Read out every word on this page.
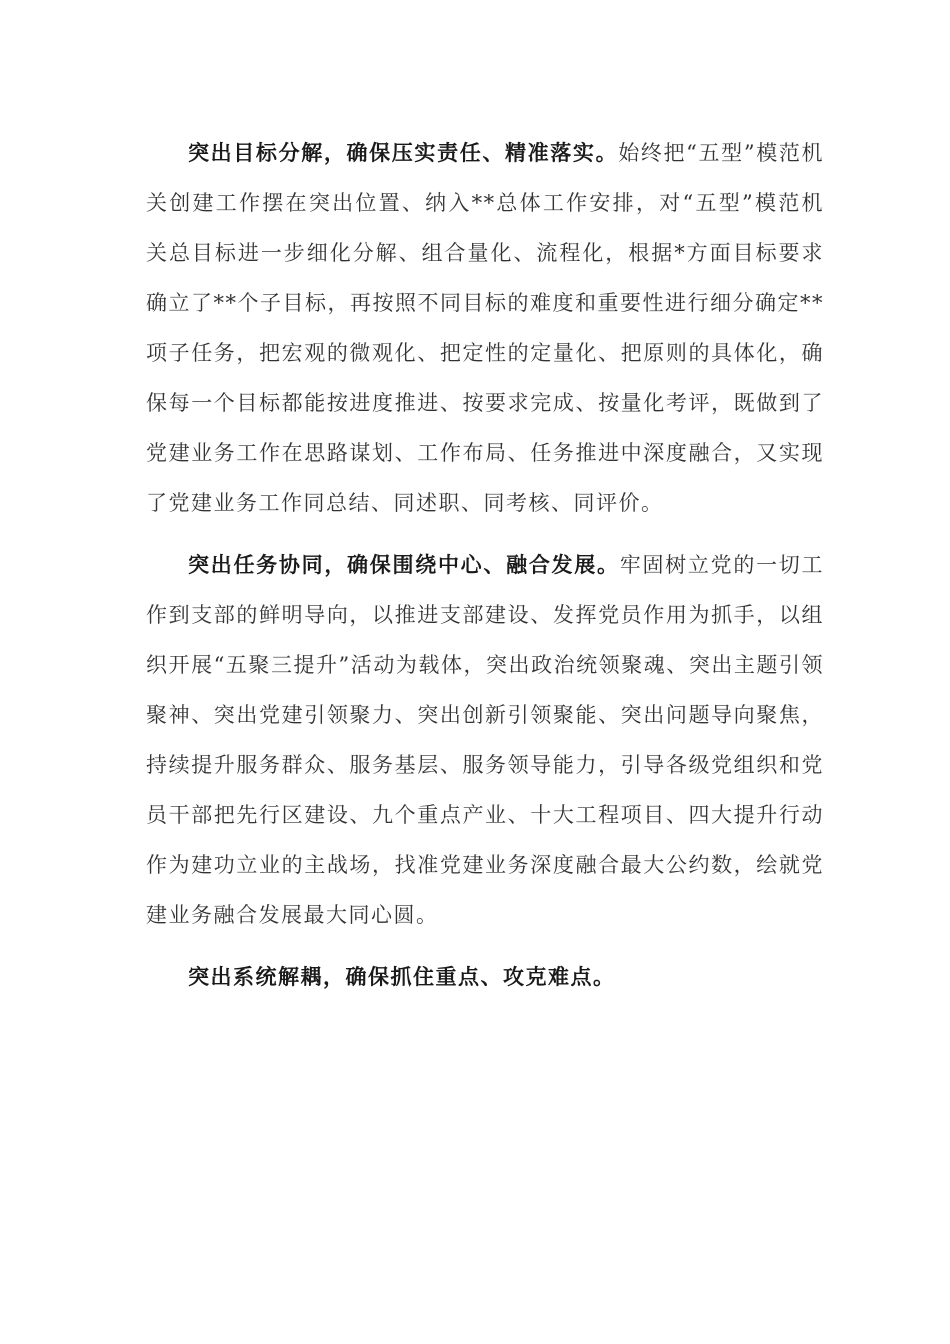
突出目标分解，确保压实责任、精准落实。始终把“五型”模范机关创建工作摆在突出位置、纳入**总体工作安排，对“五型”模范机关总目标进一步细化分解、组合量化、流程化，根据*方面目标要求确立了**个子目标，再按照不同目标的难度和重要性进行细分确定**项子任务，把宏观的微观化、把定性的定量化、把原则的具体化，确保每一个目标都能按进度推进、按要求完成、按量化考评，既做到了党建业务工作在思路谋划、工作布局、任务推进中深度融合，又实现了党建业务工作同总结、同述职、同考核、同评价。

突出任务协同，确保围绕中心、融合发展。牢固树立党的一切工作到支部的鲜明导向，以推进支部建设、发挥党员作用为抓手，以组织开展“五聚三提升”活动为载体，突出政治统领聚魂、突出主题引领聚神、突出党建引领聚力、突出创新引领聚能、突出问题导向聚焦，持续提升服务群众、服务基层、服务领导能力，引导各级党组织和党员干部把先行区建设、九个重点产业、十大工程项目、四大提升行动作为建功立业的主战场，找准党建业务深度融合最大公约数，绘就党建业务融合发展最大同心圆。

突出系统解耦，确保抓住重点、攻克难点。
